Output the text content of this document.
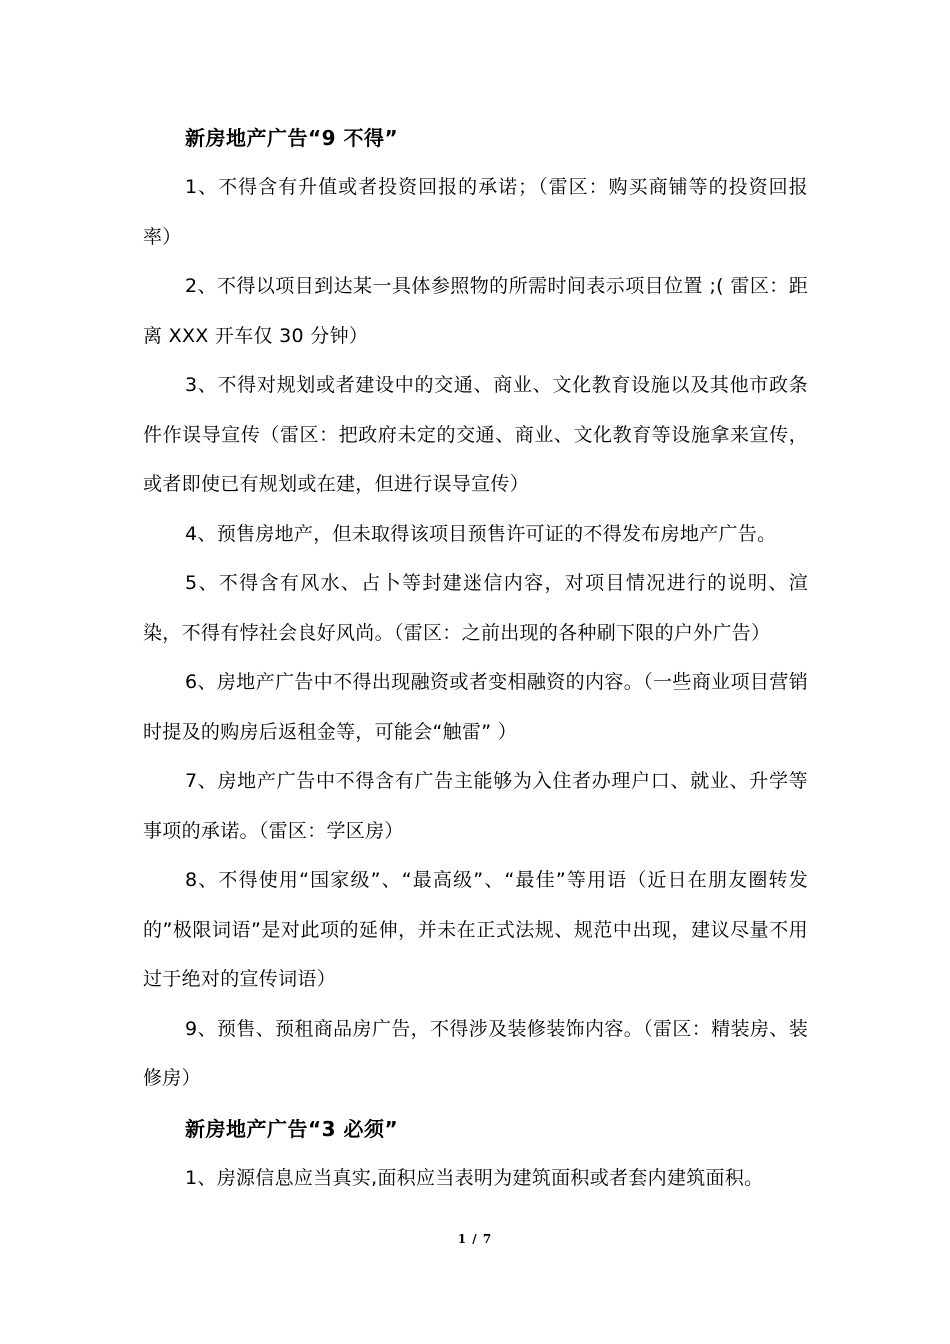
新房地产广告“9 不得”

1、不得含有升值或者投资回报的承诺；（雷区：购买商铺等的投资回报率）

2、不得以项目到达某一具体参照物的所需时间表示项目位置 ;( 雷区：距离 XXX 开车仅 30 分钟）

3、不得对规划或者建设中的交通、商业、文化教育设施以及其他市政条件作误导宣传（雷区：把政府未定的交通、商业、文化教育等设施拿来宣传，或者即使已有规划或在建，但进行误导宣传）

4、预售房地产，但未取得该项目预售许可证的不得发布房地产广告。

5、不得含有风水、占卜等封建迷信内容，对项目情况进行的说明、渲染，不得有悖社会良好风尚。（雷区：之前出现的各种刷下限的户外广告）

6、房地产广告中不得出现融资或者变相融资的内容。（一些商业项目营销时提及的购房后返租金等，可能会“触雷” ）

7、房地产广告中不得含有广告主能够为入住者办理户口、就业、升学等事项的承诺。（雷区：学区房）

8、不得使用“国家级”、“最高级”、“最佳”等用语（近日在朋友圈转发的”极限词语”是对此项的延伸，并未在正式法规、规范中出现，建议尽量不用过于绝对的宣传词语）

9、预售、预租商品房广告，不得涉及装修装饰内容。（雷区：精装房、装修房）

新房地产广告“3 必须”

1、房源信息应当真实,面积应当表明为建筑面积或者套内建筑面积。

1 / 7
